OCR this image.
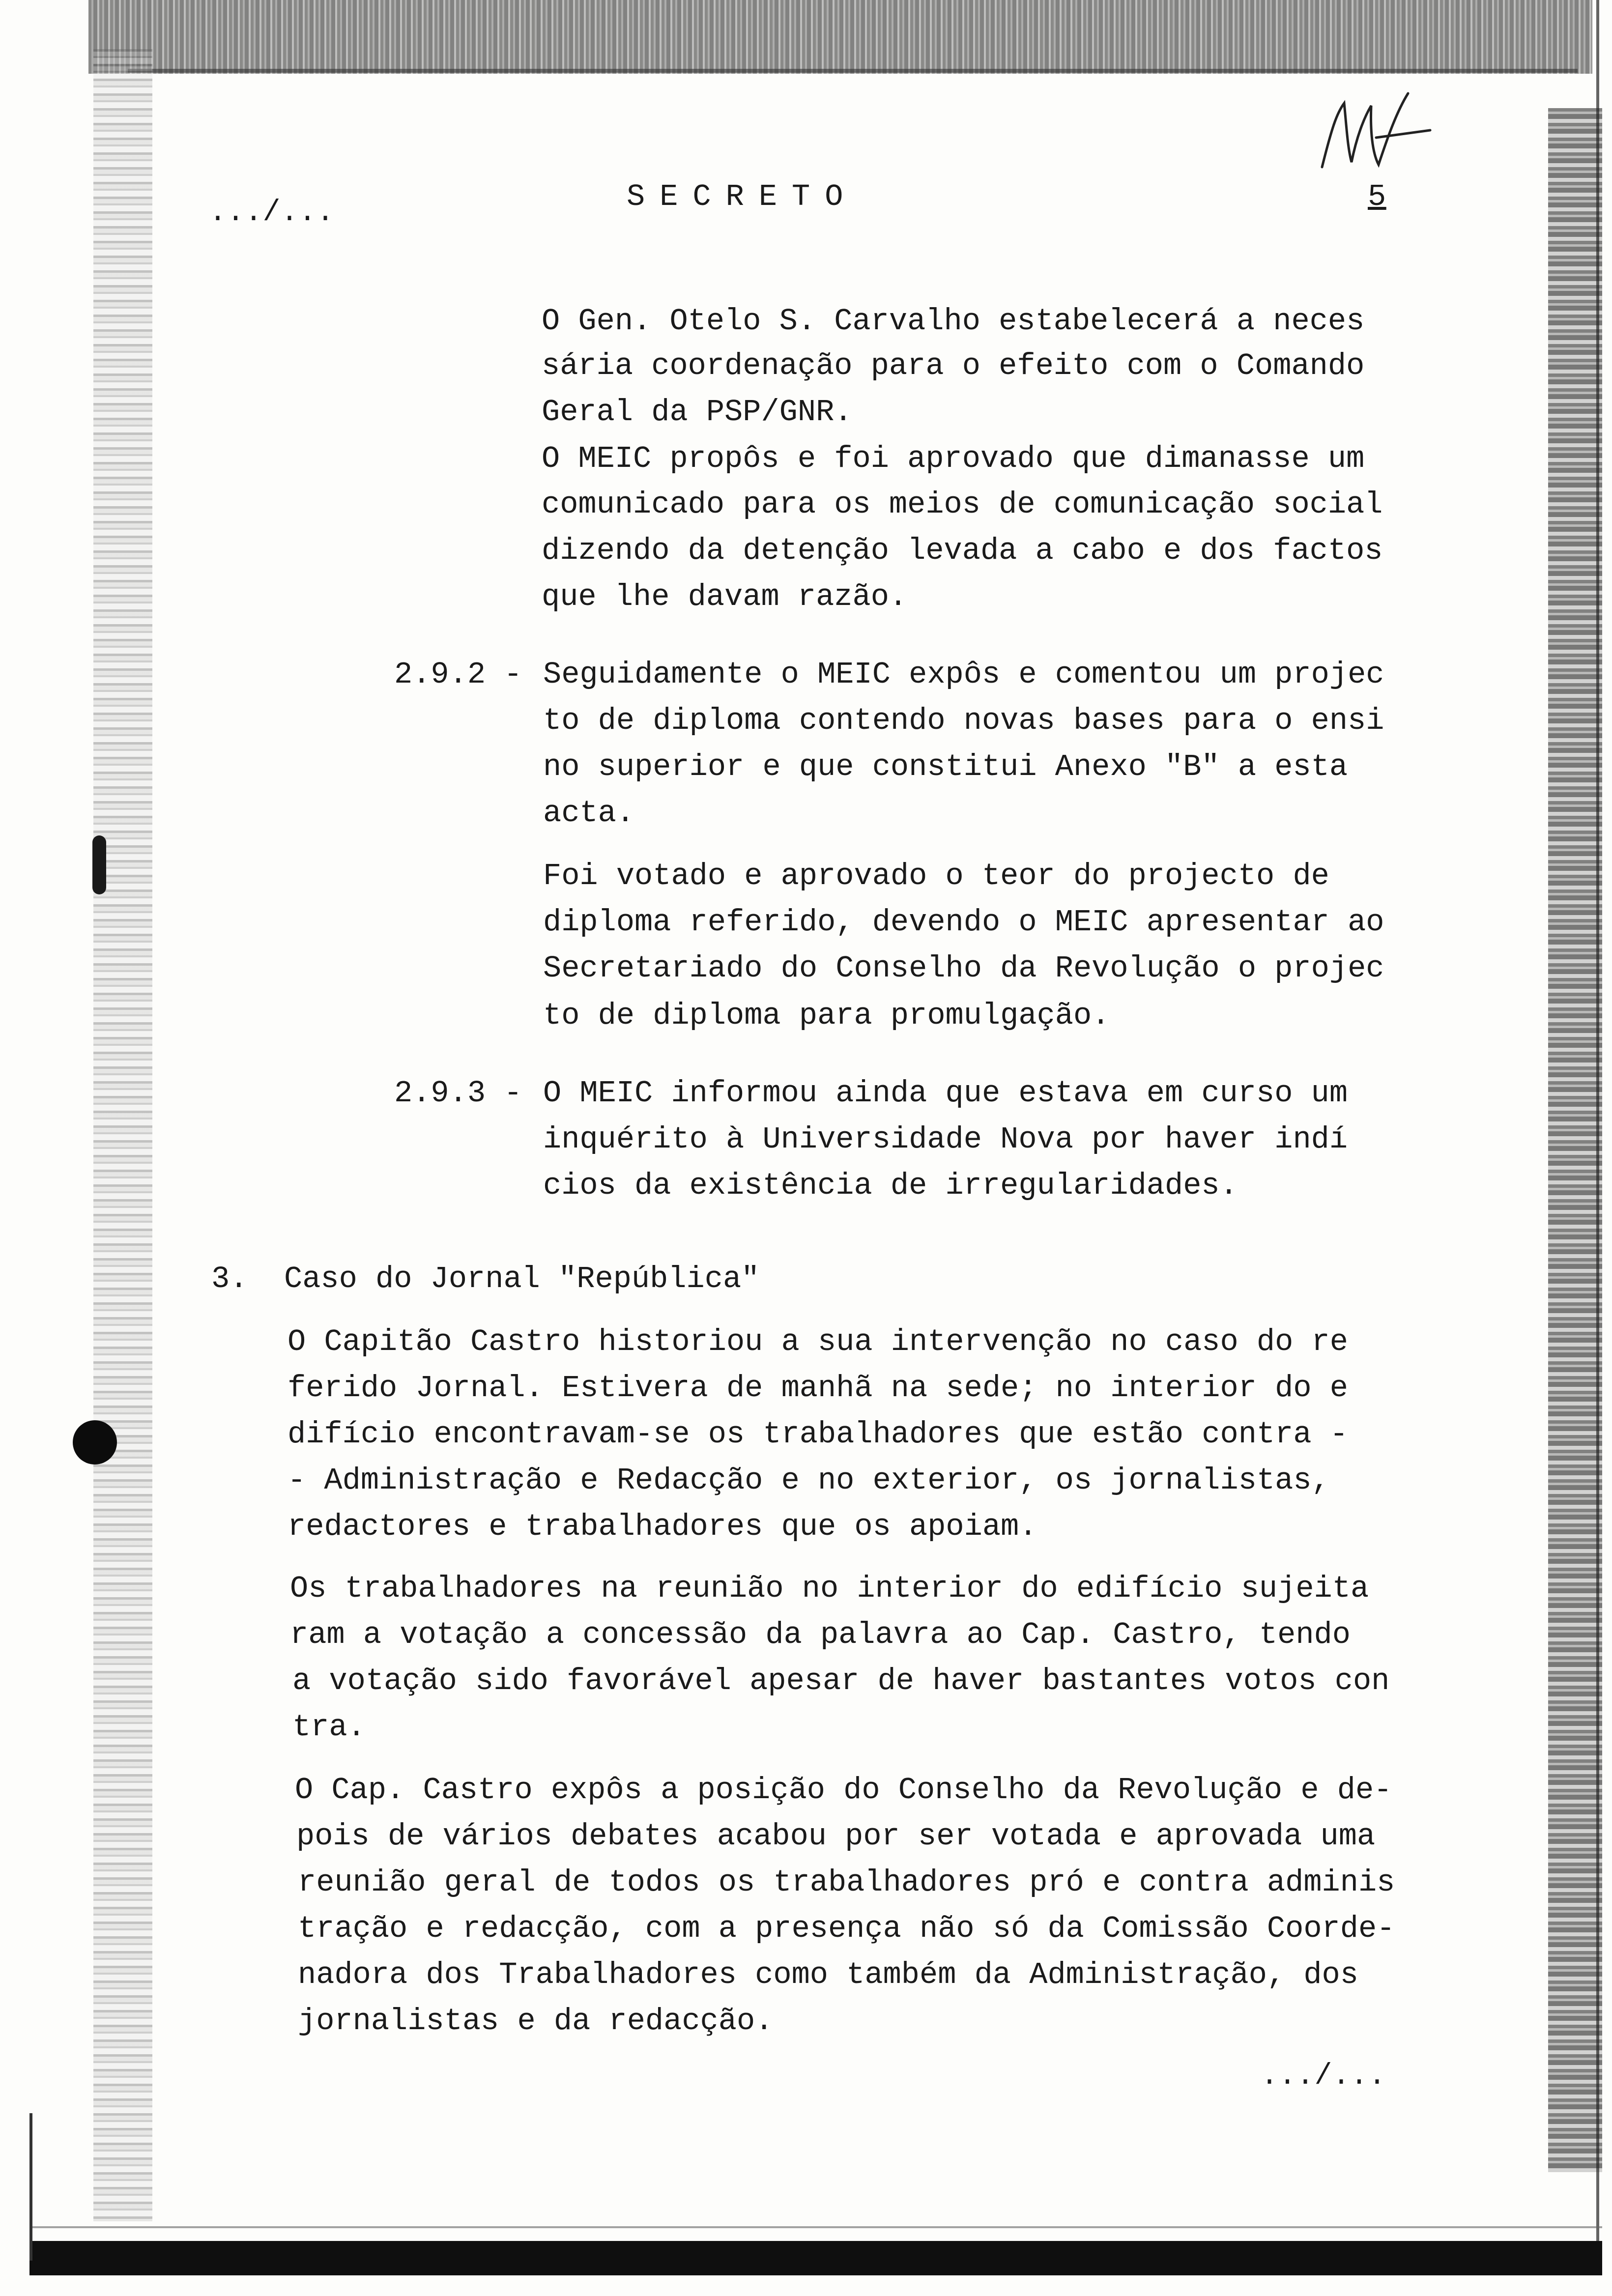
.../...	SECRETO	5
O Gen. Otelo S. Carvalho estabelecerá a neces
sária coordenação para o efeito com o Comando
Geral da PSP/GNR.
O MEIC propôs e foi aprovado que dimanasse um
comunicado para os meios de comunicação social
dizendo da detenção levada a cabo e dos factos
que lhe davam razão.
2.9.2 - Seguidamente o MEIC expôs e comentou um projec
to de diploma contendo novas bases para o ensi
no superior e que constitui Anexo "B" a esta
acta.
Foi votado e aprovado o teor do projecto de
diploma referido, devendo o MEIC apresentar ao
Secretariado do Conselho da Revolução o projec
to de diploma para promulgação.
2.9.3 - O MEIC informou ainda que estava em curso um
inquérito à Universidade Nova por haver indí
cios da existência de irregularidades.
3. Caso do Jornal "República"
O Capitão Castro historiou a sua intervenção no caso do re
ferido Jornal. Estivera de manhã na sede; no interior do e
difício encontravam-se os trabalhadores que estão contra -
- Administração e Redacção e no exterior, os jornalistas,
redactores e trabalhadores que os apoiam.
Os trabalhadores na reunião no interior do edifício sujeita
ram a votação a concessão da palavra ao Cap. Castro, tendo
a votação sido favorável apesar de haver bastantes votos con
tra.
O Cap. Castro expôs a posição do Conselho da Revolução e de-
pois de vários debates acabou por ser votada e aprovada uma
reunião geral de todos os trabalhadores pró e contra adminis
tração e redacção, com a presença não só da Comissão Coorde-
nadora dos Trabalhadores como também da Administração, dos
jornalistas e da redacção.
.../...
